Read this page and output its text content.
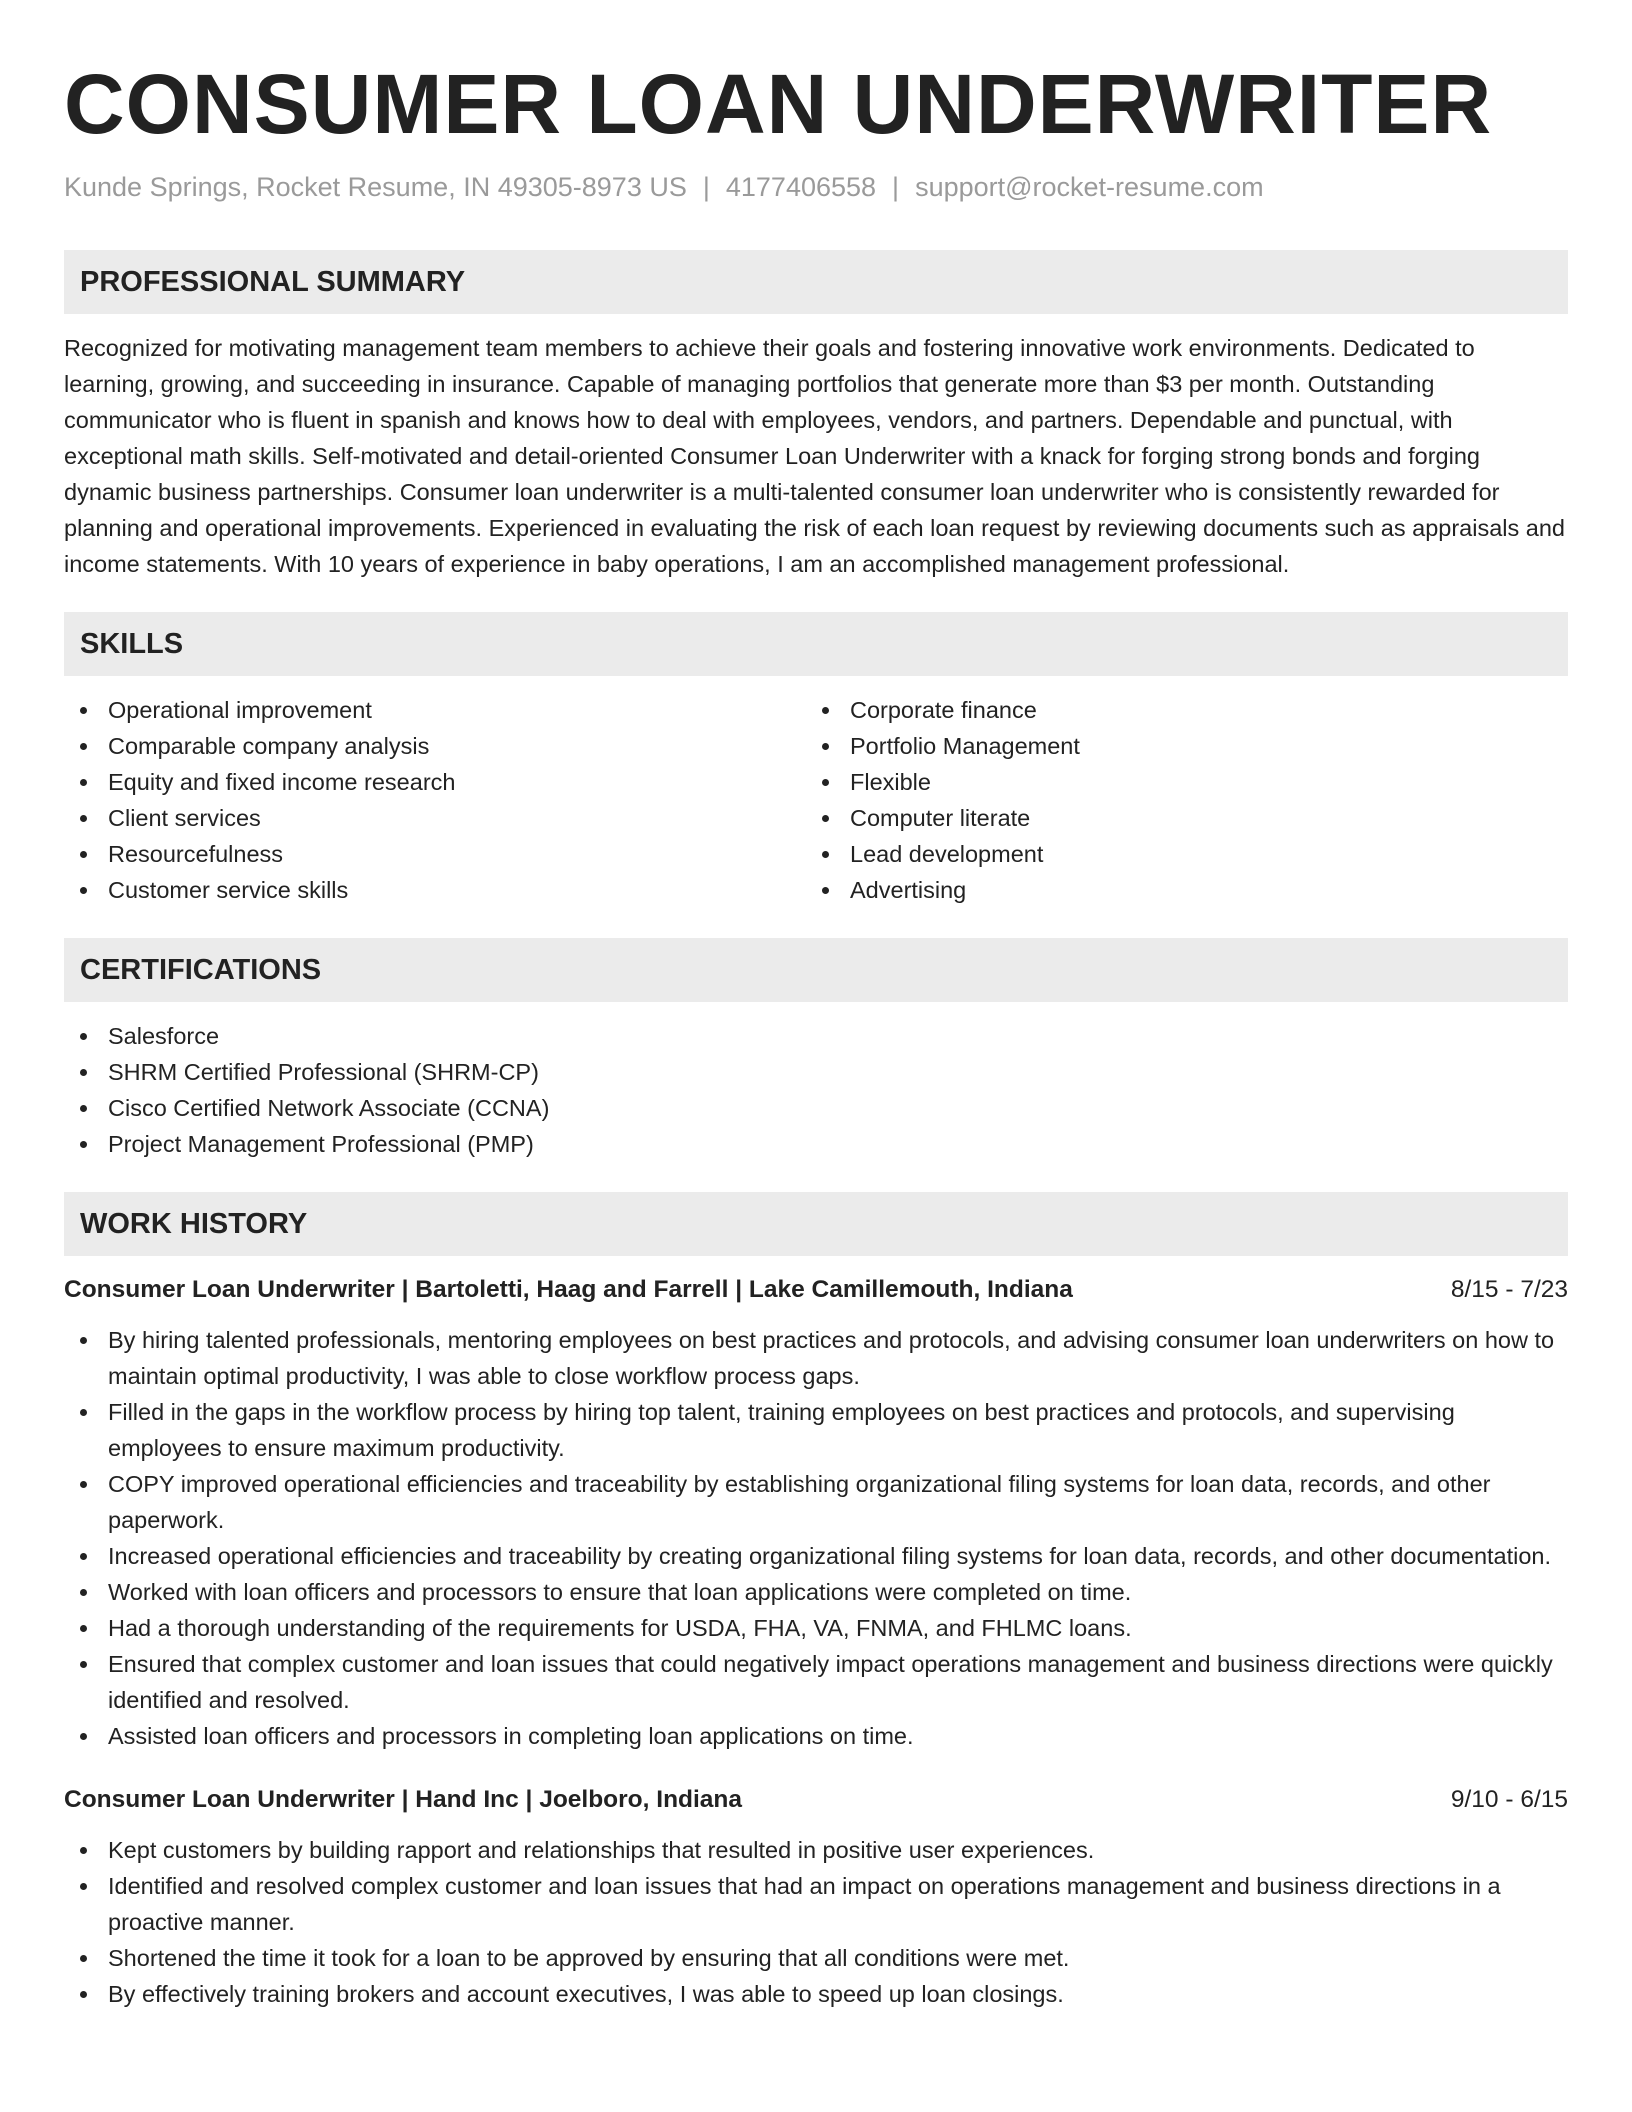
CONSUMER LOAN UNDERWRITER
Kunde Springs, Rocket Resume, IN 49305-8973 US | 4177406558 | support@rocket-resume.com
PROFESSIONAL SUMMARY
Recognized for motivating management team members to achieve their goals and fostering innovative work environments. Dedicated to learning, growing, and succeeding in insurance. Capable of managing portfolios that generate more than $3 per month. Outstanding communicator who is fluent in spanish and knows how to deal with employees, vendors, and partners. Dependable and punctual, with exceptional math skills. Self-motivated and detail-oriented Consumer Loan Underwriter with a knack for forging strong bonds and forging dynamic business partnerships. Consumer loan underwriter is a multi-talented consumer loan underwriter who is consistently rewarded for planning and operational improvements. Experienced in evaluating the risk of each loan request by reviewing documents such as appraisals and income statements. With 10 years of experience in baby operations, I am an accomplished management professional.
SKILLS
Operational improvement
Comparable company analysis
Equity and fixed income research
Client services
Resourcefulness
Customer service skills
Corporate finance
Portfolio Management
Flexible
Computer literate
Lead development
Advertising
CERTIFICATIONS
Salesforce
SHRM Certified Professional (SHRM-CP)
Cisco Certified Network Associate (CCNA)
Project Management Professional (PMP)
WORK HISTORY
Consumer Loan Underwriter | Bartoletti, Haag and Farrell | Lake Camillemouth, Indiana	8/15 - 7/23
By hiring talented professionals, mentoring employees on best practices and protocols, and advising consumer loan underwriters on how to maintain optimal productivity, I was able to close workflow process gaps.
Filled in the gaps in the workflow process by hiring top talent, training employees on best practices and protocols, and supervising employees to ensure maximum productivity.
COPY improved operational efficiencies and traceability by establishing organizational filing systems for loan data, records, and other paperwork.
Increased operational efficiencies and traceability by creating organizational filing systems for loan data, records, and other documentation.
Worked with loan officers and processors to ensure that loan applications were completed on time.
Had a thorough understanding of the requirements for USDA, FHA, VA, FNMA, and FHLMC loans.
Ensured that complex customer and loan issues that could negatively impact operations management and business directions were quickly identified and resolved.
Assisted loan officers and processors in completing loan applications on time.
Consumer Loan Underwriter | Hand Inc | Joelboro, Indiana	9/10 - 6/15
Kept customers by building rapport and relationships that resulted in positive user experiences.
Identified and resolved complex customer and loan issues that had an impact on operations management and business directions in a proactive manner.
Shortened the time it took for a loan to be approved by ensuring that all conditions were met.
By effectively training brokers and account executives, I was able to speed up loan closings.
